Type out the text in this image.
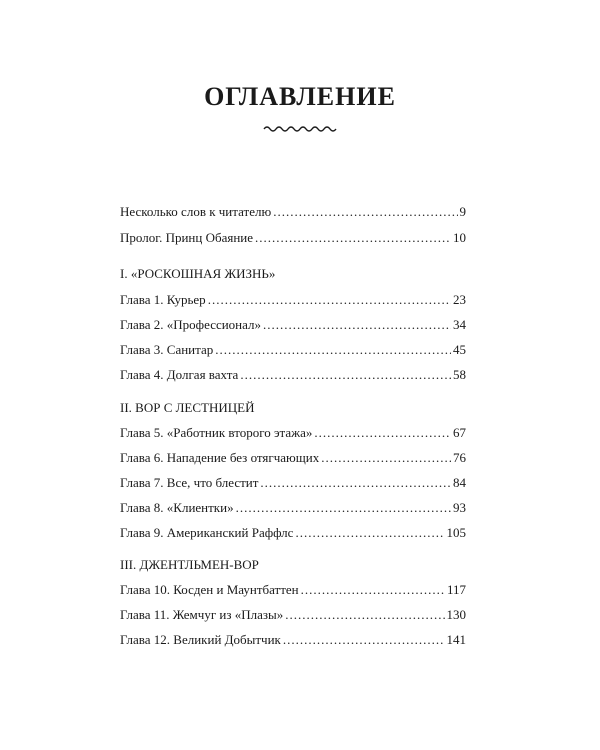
ОГЛАВЛЕНИЕ
Несколько слов к читателю .....	9
Пролог. Принц Обаяние .....	10
I. «РОСКОШНАЯ ЖИЗНЬ»
Глава 1. Курьер .....	23
Глава 2. «Профессионал» .....	34
Глава 3. Санитар .....	45
Глава 4. Долгая вахта .....	58
II. ВОР С ЛЕСТНИЦЕЙ
Глава 5. «Работник второго этажа» .....	67
Глава 6. Нападение без отягчающих .....	76
Глава 7. Все, что блестит .....	84
Глава 8. «Клиентки» .....	93
Глава 9. Американский Раффлс .....	105
III. ДЖЕНТЛЬМЕН-ВОР
Глава 10. Косден и Маунтбаттен .....	117
Глава 11. Жемчуг из «Плазы» .....	130
Глава 12. Великий Добытчик .....	141
